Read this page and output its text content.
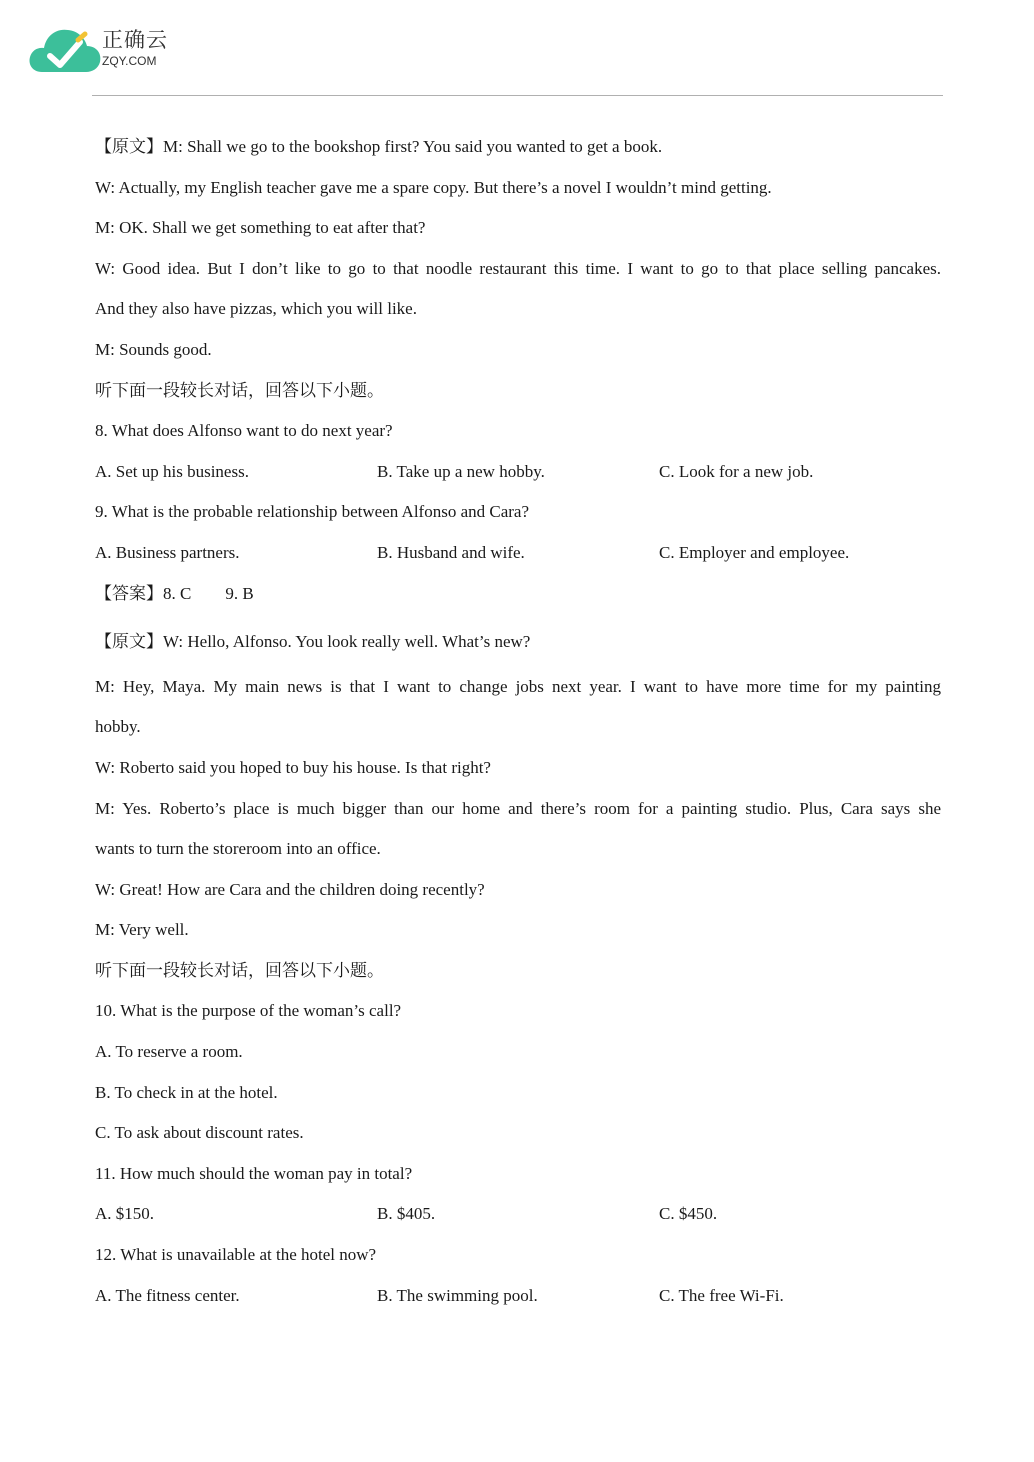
正确云
ZQY.COM

【原文】M: Shall we go to the bookshop first? You said you wanted to get a book.

W: Actually, my English teacher gave me a spare copy. But there’s a novel I wouldn’t mind getting.

M: OK. Shall we get something to eat after that?

W: Good idea. But I don’t like to go to that noodle restaurant this time. I want to go to that place selling pancakes.

And they also have pizzas, which you will like.

M: Sounds good.

听下面一段较长对话，回答以下小题。

8. What does Alfonso want to do next year?

A. Set up his business.	B. Take up a new hobby.	C. Look for a new job.

9. What is the probable relationship between Alfonso and Cara?

A. Business partners.	B. Husband and wife.	C. Employer and employee.

【答案】8. C 9. B

【原文】W: Hello, Alfonso. You look really well. What’s new?

M: Hey, Maya. My main news is that I want to change jobs next year. I want to have more time for my painting

hobby.

W: Roberto said you hoped to buy his house. Is that right?

M: Yes. Roberto’s place is much bigger than our home and there’s room for a painting studio. Plus, Cara says she

wants to turn the storeroom into an office.

W: Great! How are Cara and the children doing recently?

M: Very well.

听下面一段较长对话，回答以下小题。

10. What is the purpose of the woman’s call?

A. To reserve a room.

B. To check in at the hotel.

C. To ask about discount rates.

11. How much should the woman pay in total?

A. $150.	B. $405.	C. $450.

12. What is unavailable at the hotel now?

A. The fitness center.	B. The swimming pool.	C. The free Wi-Fi.
